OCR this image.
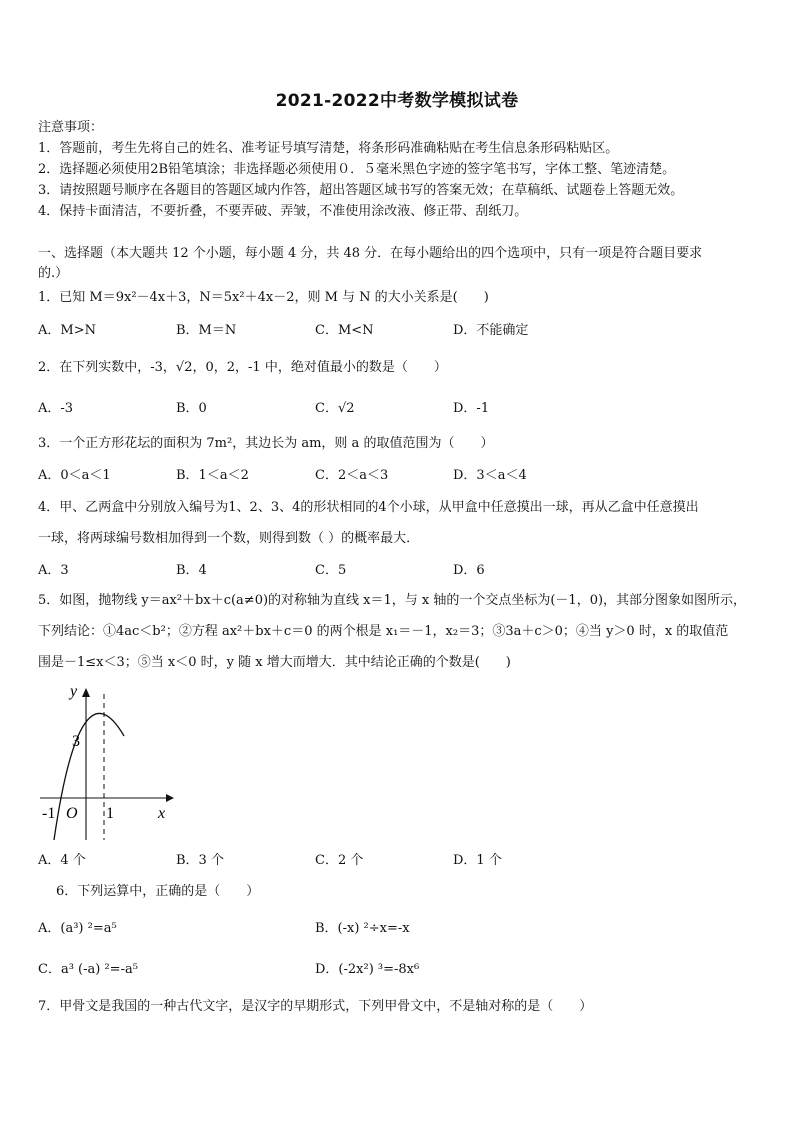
2021-2022中考数学模拟试卷
注意事项：
1．答题前，考生先将自己的姓名、准考证号填写清楚，将条形码准确粘贴在考生信息条形码粘贴区。
2．选择题必须使用2B铅笔填涂；非选择题必须使用０．５毫米黑色字迹的签字笔书写，字体工整、笔迹清楚。
3．请按照题号顺序在各题目的答题区域内作答，超出答题区域书写的答案无效；在草稿纸、试题卷上答题无效。
4．保持卡面清洁，不要折叠，不要弄破、弄皱，不准使用涂改液、修正带、刮纸刀。
一、选择题（本大题共 12 个小题，每小题 4 分，共 48 分．在每小题给出的四个选项中，只有一项是符合题目要求
的.）
1．已知 M＝9x²－4x＋3，N＝5x²＋4x－2，则 M 与 N 的大小关系是(　　)
A．M>N	B．M＝N	C．M<N	D．不能确定
2．在下列实数中，-3，√2，0，2，-1 中，绝对值最小的数是（　　）
A．-3	B．0	C．√2	D．-1
3．一个正方形花坛的面积为 7m²，其边长为 am，则 a 的取值范围为（　　）
A．0＜a＜1	B．1＜a＜2	C．2＜a＜3	D．3＜a＜4
4．甲、乙两盒中分别放入编号为1、2、3、4的形状相同的4个小球，从甲盒中任意摸出一球，再从乙盒中任意摸出
一球，将两球编号数相加得到一个数，则得到数（ ）的概率最大．
A．3	B．4	C．5	D．6
5．如图，抛物线 y＝ax²＋bx＋c(a≠0)的对称轴为直线 x＝1，与 x 轴的一个交点坐标为(－1，0)，其部分图象如图所示，
下列结论：①4ac＜b²；②方程 ax²＋bx＋c＝0 的两个根是 x₁＝－1，x₂＝3；③3a＋c＞0；④当 y＞0 时，x 的取值范
围是－1≤x＜3；⑤当 x＜0 时，y 随 x 增大而增大．其中结论正确的个数是(　　)
y
x
3
-1 O 1
A．4 个	B．3 个	C．2 个	D．1 个
6．下列运算中，正确的是（　　）
A．(a³) ²=a⁵	B．(-x) ²÷x=-x
C．a³ (-a) ²=-a⁵	D．(-2x²) ³=-8x⁶
7．甲骨文是我国的一种古代文字，是汉字的早期形式，下列甲骨文中，不是轴对称的是（　　）
